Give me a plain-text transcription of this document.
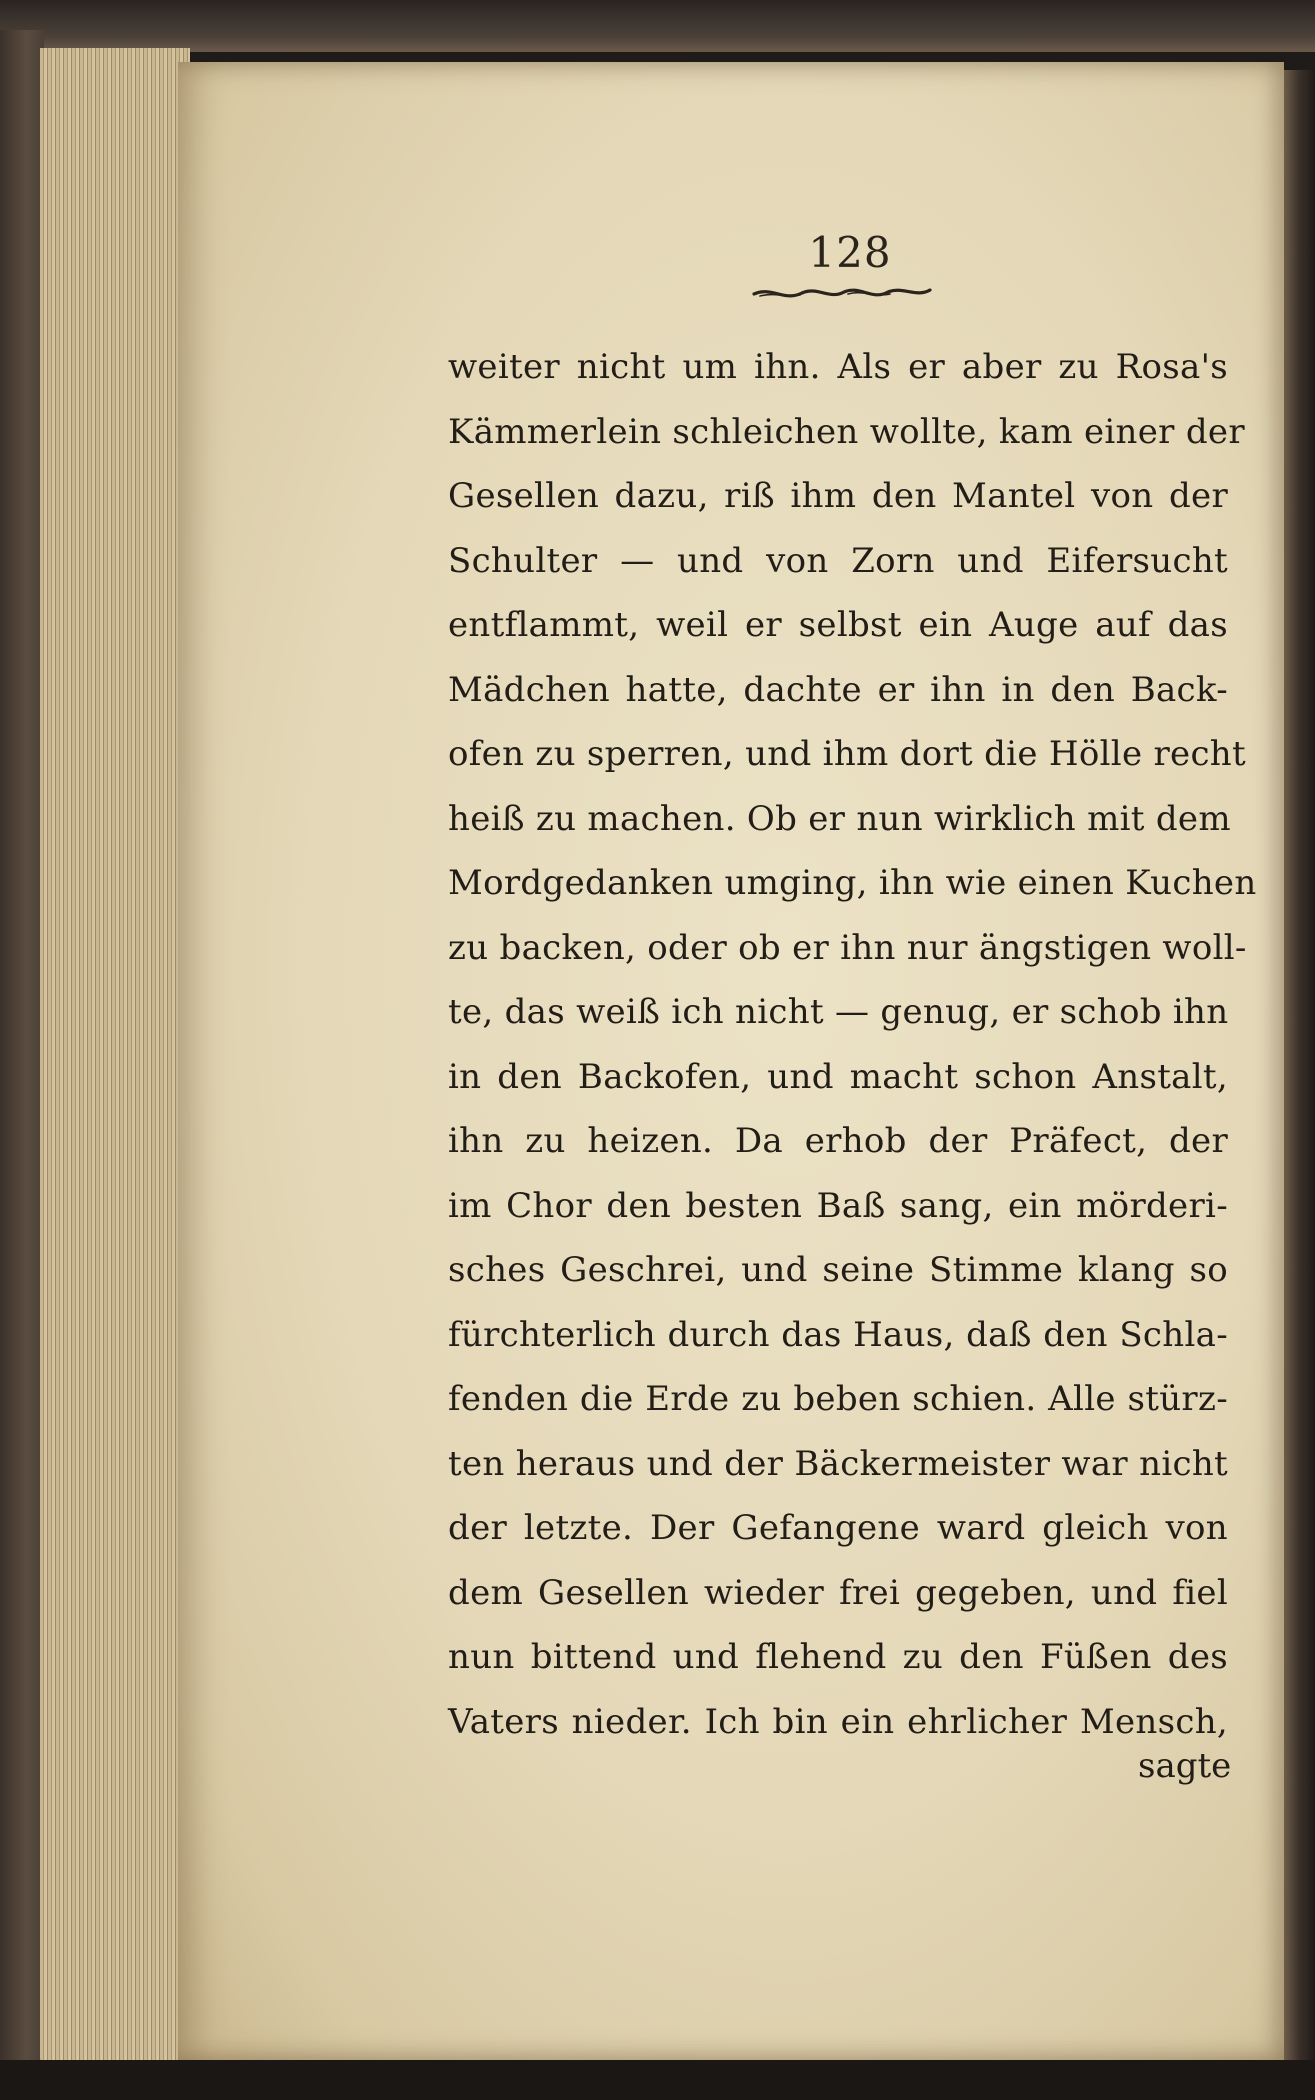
128
weiter nicht um ihn. Als er aber zu Rosa's
Kämmerlein schleichen wollte, kam einer der
Gesellen dazu, riß ihm den Mantel von der
Schulter — und von Zorn und Eifersucht
entflammt, weil er selbst ein Auge auf das
Mädchen hatte, dachte er ihn in den Back-
ofen zu sperren, und ihm dort die Hölle recht
heiß zu machen. Ob er nun wirklich mit dem
Mordgedanken umging, ihn wie einen Kuchen
zu backen, oder ob er ihn nur ängstigen woll-
te, das weiß ich nicht — genug, er schob ihn
in den Backofen, und macht schon Anstalt,
ihn zu heizen. Da erhob der Präfect, der
im Chor den besten Baß sang, ein mörderi-
sches Geschrei, und seine Stimme klang so
fürchterlich durch das Haus, daß den Schla-
fenden die Erde zu beben schien. Alle stürz-
ten heraus und der Bäckermeister war nicht
der letzte. Der Gefangene ward gleich von
dem Gesellen wieder frei gegeben, und fiel
nun bittend und flehend zu den Füßen des
Vaters nieder. Ich bin ein ehrlicher Mensch,
sagte
